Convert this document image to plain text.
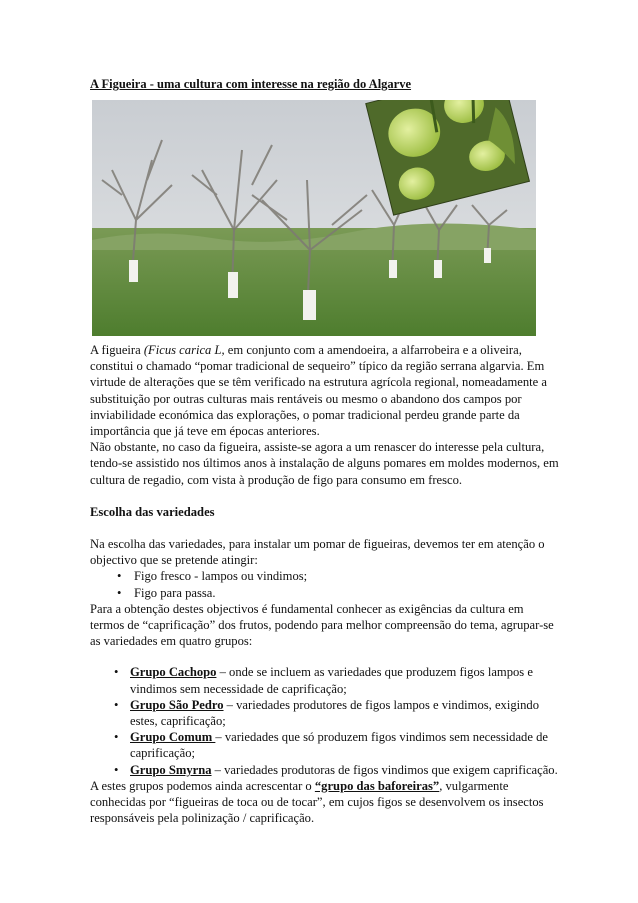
A Figueira - uma cultura com interesse na região do Algarve

A figueira (Ficus carica L, em conjunto com a amendoeira, a alfarrobeira e a oliveira, constitui o chamado “pomar tradicional de sequeiro” típico da região serrana algarvia. Em virtude de alterações que se têm verificado na estrutura agrícola regional, nomeadamente a substituição por outras culturas mais rentáveis ou mesmo o abandono dos campos por inviabilidade económica das explorações, o pomar tradicional perdeu grande parte da importância que já teve em épocas anteriores.

Não obstante, no caso da figueira, assiste-se agora a um renascer do interesse pela cultura, tendo-se assistido nos últimos anos à instalação de alguns pomares em moldes modernos, em cultura de regadio, com vista à produção de figo para consumo em fresco.

Escolha das variedades

Na escolha das variedades, para instalar um pomar de figueiras, devemos ter em atenção o objectivo que se pretende atingir:

• Figo fresco - lampos ou vindimos;
• Figo para passa.

Para a obtenção destes objectivos é fundamental conhecer as exigências da cultura em termos de “caprificação” dos frutos, podendo para melhor compreensão do tema, agrupar-se as variedades em quatro grupos:

• Grupo Cachopo – onde se incluem as variedades que produzem figos lampos e vindimos sem necessidade de caprificação;
• Grupo São Pedro – variedades produtores de figos lampos e vindimos, exigindo estes, caprificação;
• Grupo Comum – variedades que só produzem figos vindimos sem necessidade de caprificação;
• Grupo Smyrna – variedades produtoras de figos vindimos que exigem caprificação.

A estes grupos podemos ainda acrescentar o “grupo das baforeiras”, vulgarmente conhecidas por “figueiras de toca ou de tocar”, em cujos figos se desenvolvem os insectos responsáveis pela polinização / caprificação.
